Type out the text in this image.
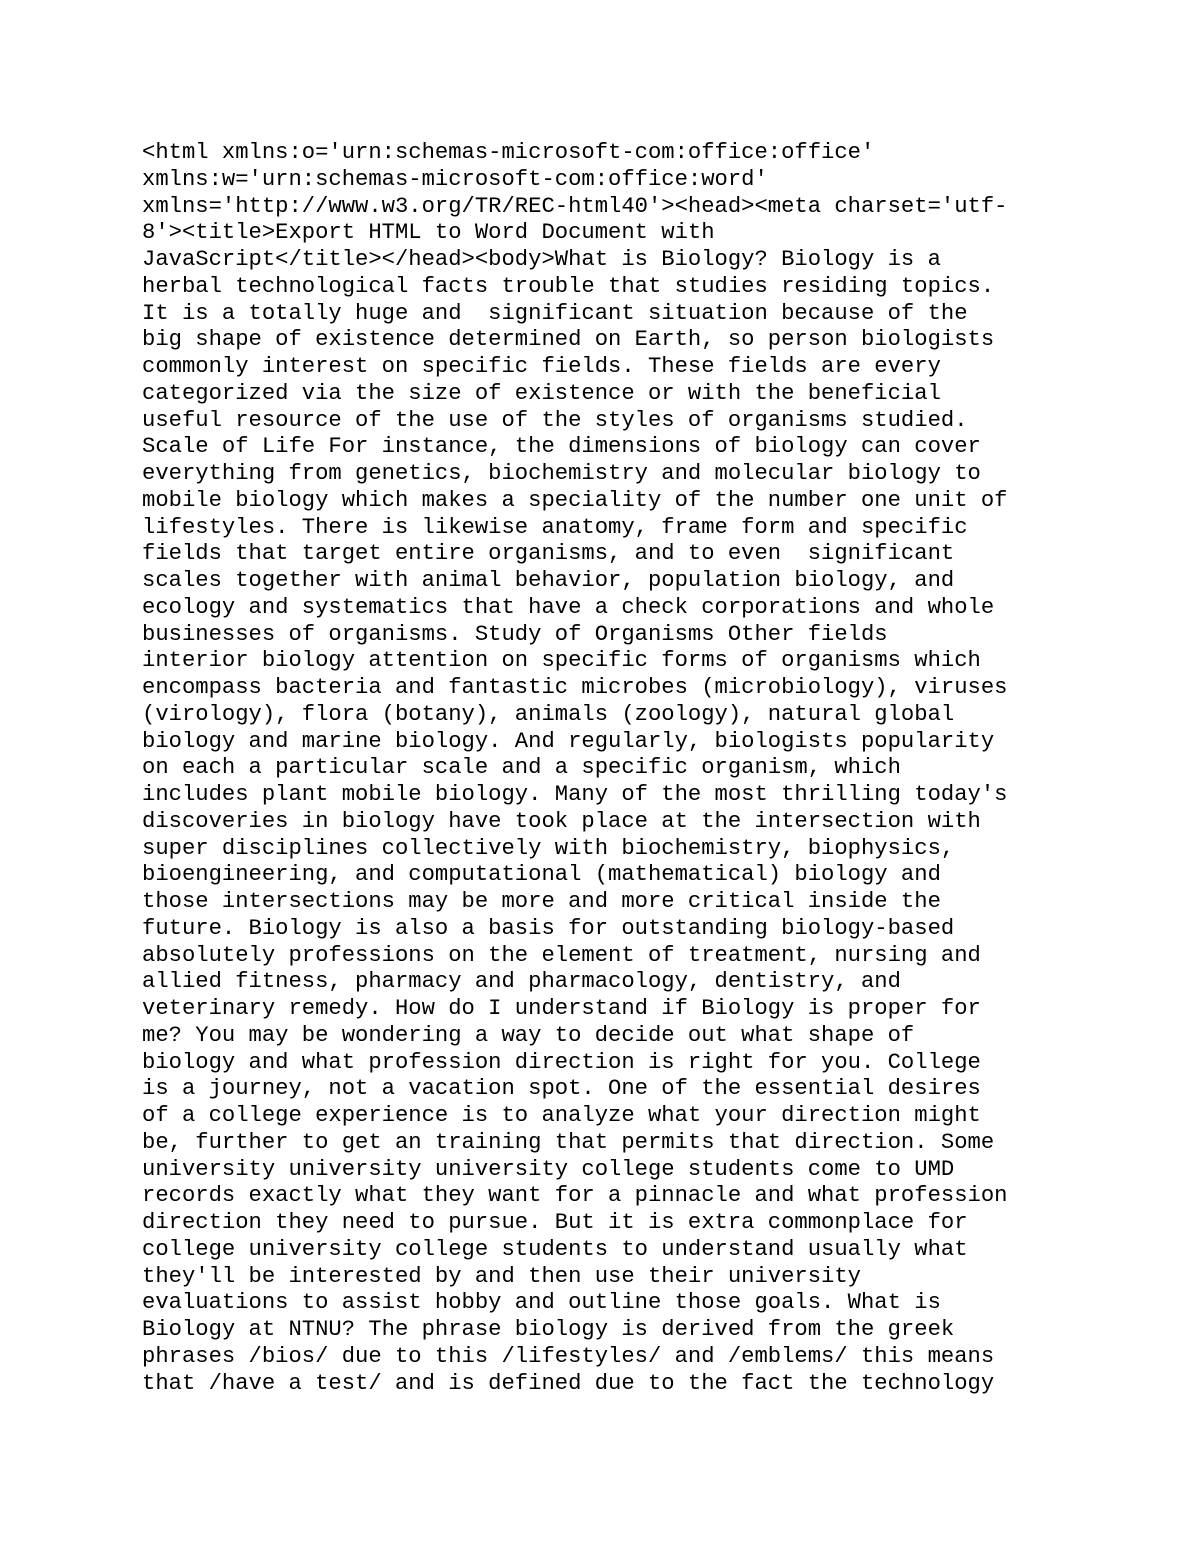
<html xmlns:o='urn:schemas-microsoft-com:office:office'
xmlns:w='urn:schemas-microsoft-com:office:word'
xmlns='http://www.w3.org/TR/REC-html40'><head><meta charset='utf-
8'><title>Export HTML to Word Document with
JavaScript</title></head><body>What is Biology? Biology is a
herbal technological facts trouble that studies residing topics.
It is a totally huge and  significant situation because of the
big shape of existence determined on Earth, so person biologists
commonly interest on specific fields. These fields are every
categorized via the size of existence or with the beneficial
useful resource of the use of the styles of organisms studied.
Scale of Life For instance, the dimensions of biology can cover
everything from genetics, biochemistry and molecular biology to
mobile biology which makes a speciality of the number one unit of
lifestyles. There is likewise anatomy, frame form and specific
fields that target entire organisms, and to even  significant
scales together with animal behavior, population biology, and
ecology and systematics that have a check corporations and whole
businesses of organisms. Study of Organisms Other fields
interior biology attention on specific forms of organisms which
encompass bacteria and fantastic microbes (microbiology), viruses
(virology), flora (botany), animals (zoology), natural global
biology and marine biology. And regularly, biologists popularity
on each a particular scale and a specific organism, which
includes plant mobile biology. Many of the most thrilling today's
discoveries in biology have took place at the intersection with
super disciplines collectively with biochemistry, biophysics,
bioengineering, and computational (mathematical) biology and
those intersections may be more and more critical inside the
future. Biology is also a basis for outstanding biology-based
absolutely professions on the element of treatment, nursing and
allied fitness, pharmacy and pharmacology, dentistry, and
veterinary remedy. How do I understand if Biology is proper for
me? You may be wondering a way to decide out what shape of
biology and what profession direction is right for you. College
is a journey, not a vacation spot. One of the essential desires
of a college experience is to analyze what your direction might
be, further to get an training that permits that direction. Some
university university university college students come to UMD
records exactly what they want for a pinnacle and what profession
direction they need to pursue. But it is extra commonplace for
college university college students to understand usually what
they'll be interested by and then use their university
evaluations to assist hobby and outline those goals. What is
Biology at NTNU? The phrase biology is derived from the greek
phrases /bios/ due to this /lifestyles/ and /emblems/ this means
that /have a test/ and is defined due to the fact the technology
